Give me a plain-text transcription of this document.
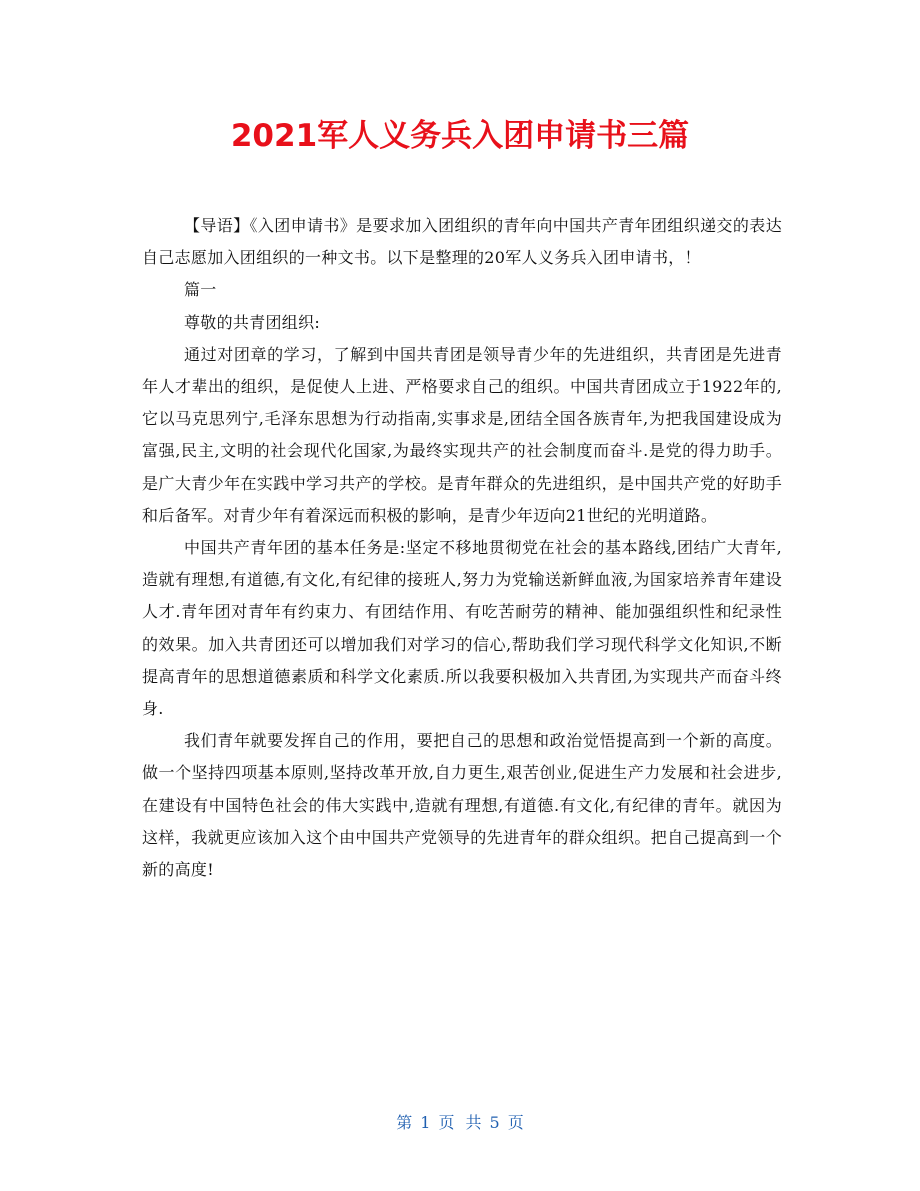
2021军人义务兵入团申请书三篇

【导语】《入团申请书》是要求加入团组织的青年向中国共产青年团组织递交的表达自己志愿加入团组织的一种文书。以下是整理的20军人义务兵入团申请书，！

篇一

尊敬的共青团组织:

通过对团章的学习，了解到中国共青团是领导青少年的先进组织，共青团是先进青年人才辈出的组织，是促使人上进、严格要求自己的组织。中国共青团成立于1922年的,它以马克思列宁,毛泽东思想为行动指南,实事求是,团结全国各族青年,为把我国建设成为富强,民主,文明的社会现代化国家,为最终实现共产的社会制度而奋斗.是党的得力助手。是广大青少年在实践中学习共产的学校。是青年群众的先进组织，是中国共产党的好助手和后备军。对青少年有着深远而积极的影响，是青少年迈向21世纪的光明道路。

中国共产青年团的基本任务是:坚定不移地贯彻党在社会的基本路线,团结广大青年,造就有理想,有道德,有文化,有纪律的接班人,努力为党输送新鲜血液,为国家培养青年建设人才.青年团对青年有约束力、有团结作用、有吃苦耐劳的精神、能加强组织性和纪录性的效果。加入共青团还可以增加我们对学习的信心,帮助我们学习现代科学文化知识,不断提高青年的思想道德素质和科学文化素质.所以我要积极加入共青团,为实现共产而奋斗终身.

我们青年就要发挥自己的作用，要把自己的思想和政治觉悟提高到一个新的高度。做一个坚持四项基本原则,坚持改革开放,自力更生,艰苦创业,促进生产力发展和社会进步,在建设有中国特色社会的伟大实践中,造就有理想,有道德.有文化,有纪律的青年。就因为这样，我就更应该加入这个由中国共产党领导的先进青年的群众组织。把自己提高到一个新的高度!

第 1 页 共 5 页
